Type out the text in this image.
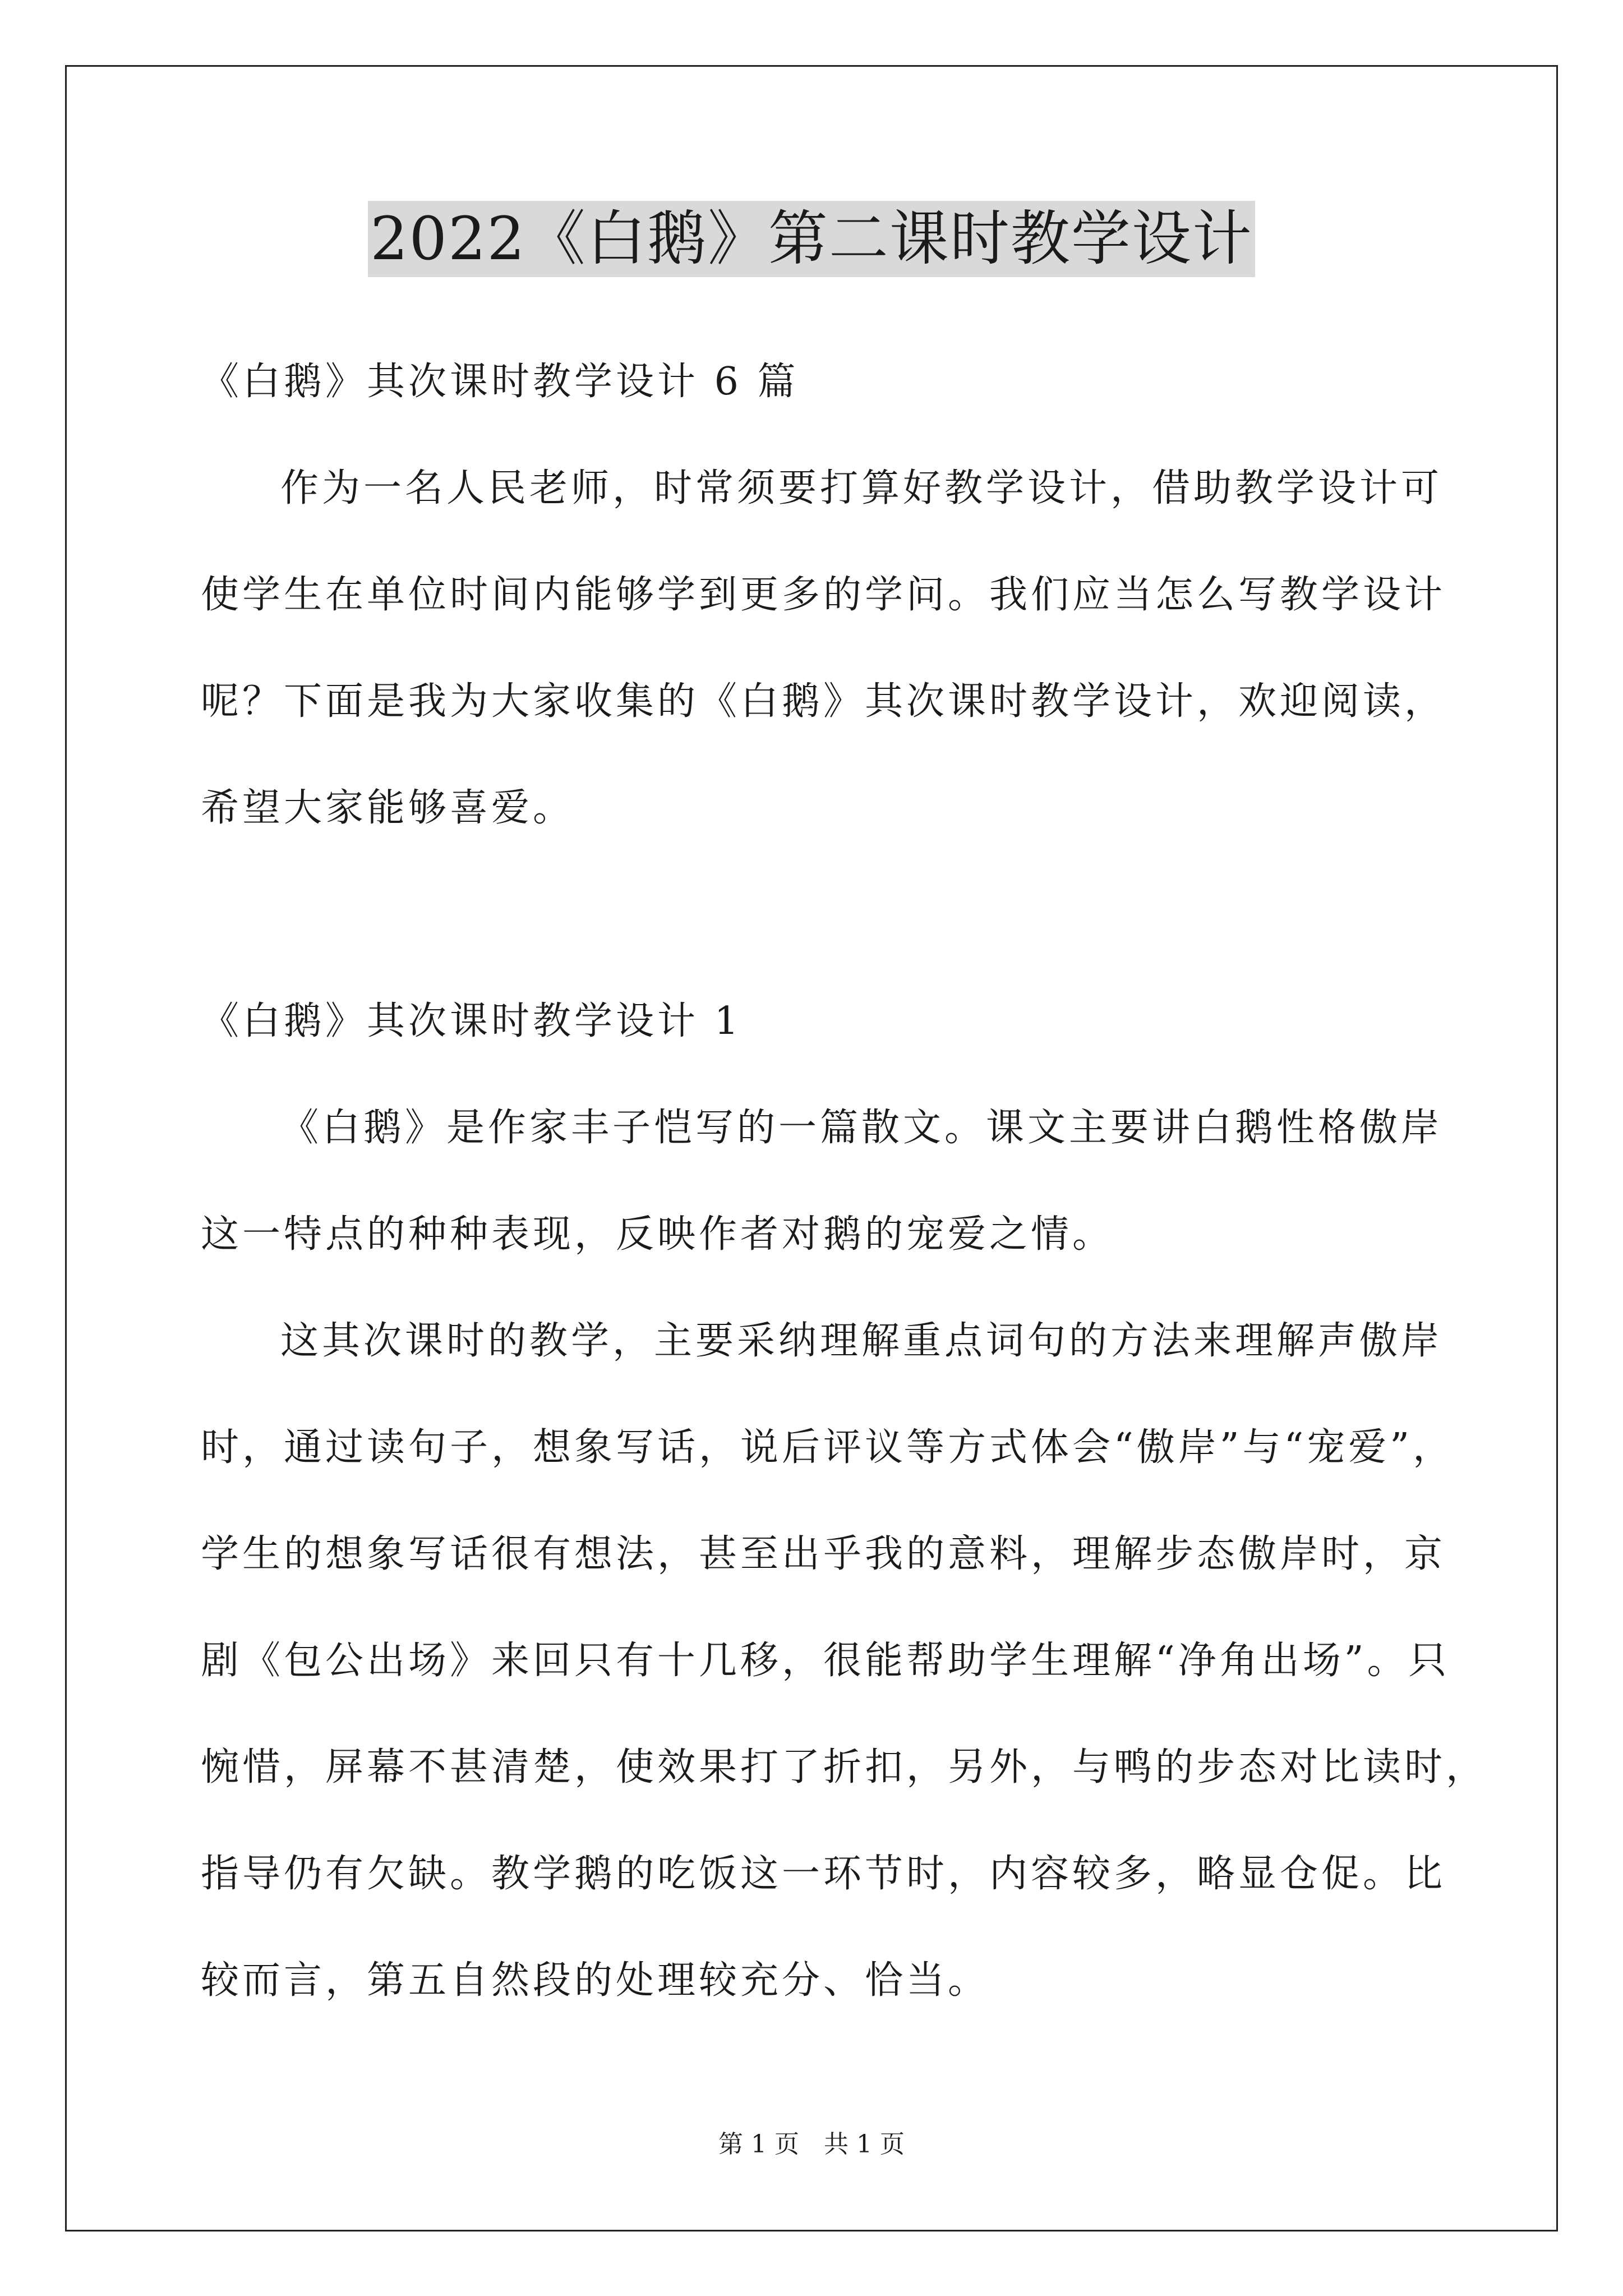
2022《白鹅》第二课时教学设计
《白鹅》其次课时教学设计 6 篇
作为一名人民老师，时常须要打算好教学设计，借助教学设计可
使学生在单位时间内能够学到更多的学问。我们应当怎么写教学设计
呢？下面是我为大家收集的《白鹅》其次课时教学设计，欢迎阅读，
希望大家能够喜爱。
《白鹅》其次课时教学设计 1
《白鹅》是作家丰子恺写的一篇散文。课文主要讲白鹅性格傲岸
这一特点的种种表现，反映作者对鹅的宠爱之情。
这其次课时的教学，主要采纳理解重点词句的方法来理解声傲岸
时，通过读句子，想象写话，说后评议等方式体会“傲岸”与“宠爱”，
学生的想象写话很有想法，甚至出乎我的意料，理解步态傲岸时，京
剧《包公出场》来回只有十几移，很能帮助学生理解“净角出场”。只
惋惜，屏幕不甚清楚，使效果打了折扣，另外，与鸭的步态对比读时，
指导仍有欠缺。教学鹅的吃饭这一环节时，内容较多，略显仓促。比
较而言，第五自然段的处理较充分、恰当。
第 1 页　共 1 页
